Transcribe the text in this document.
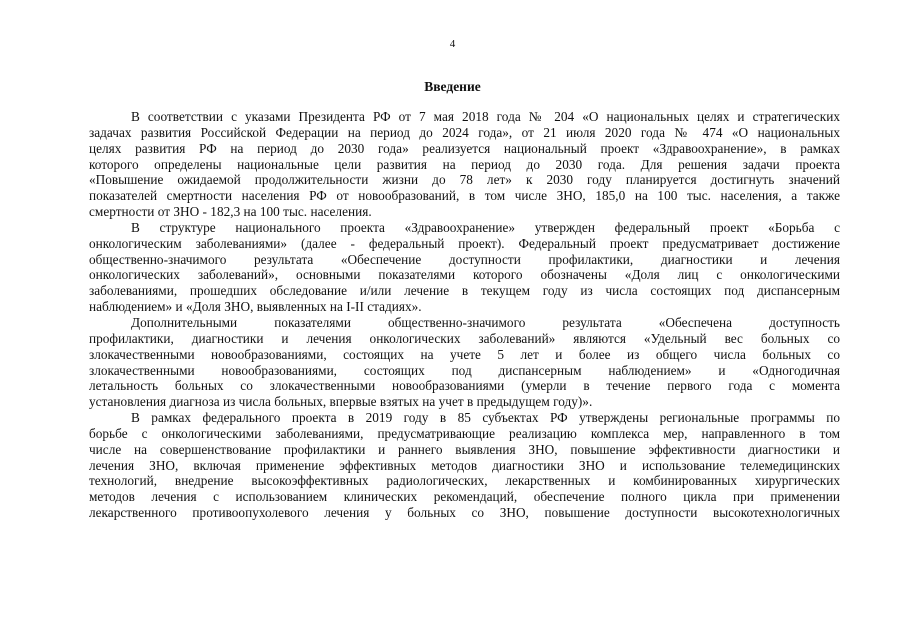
4
Введение
В соответствии с указами Президента РФ от 7 мая 2018 года № 204 «О национальных целях и стратегических
задачах развития Российской Федерации на период до 2024 года», от 21 июля 2020 года № 474 «О национальных
целях развития РФ на период до 2030 года» реализуется национальный проект «Здравоохранение», в рамках
которого определены национальные цели развития на период до 2030 года. Для решения задачи проекта
«Повышение ожидаемой продолжительности жизни до 78 лет» к 2030 году планируется достигнуть значений
показателей смертности населения РФ от новообразований, в том числе ЗНО, 185,0 на 100 тыс. населения, а также
смертности от ЗНО - 182,3 на 100 тыс. населения.
В структуре национального проекта «Здравоохранение» утвержден федеральный проект «Борьба с
онкологическим заболеваниями» (далее - федеральный проект). Федеральный проект предусматривает достижение
общественно-значимого результата «Обеспечение доступности профилактики, диагностики и лечения
онкологических заболеваний», основными показателями которого обозначены «Доля лиц с онкологическими
заболеваниями, прошедших обследование и/или лечение в текущем году из числа состоящих под диспансерным
наблюдением» и «Доля ЗНО, выявленных на I-II стадиях».
Дополнительными показателями общественно-значимого результата «Обеспечена доступность
профилактики, диагностики и лечения онкологических заболеваний» являются «Удельный вес больных со
злокачественными новообразованиями, состоящих на учете 5 лет и более из общего числа больных со
злокачественными новообразованиями, состоящих под диспансерным наблюдением» и «Одногодичная
летальность больных со злокачественными новообразованиями (умерли в течение первого года с момента
установления диагноза из числа больных, впервые взятых на учет в предыдущем году)».
В рамках федерального проекта в 2019 году в 85 субъектах РФ утверждены региональные программы по
борьбе с онкологическими заболеваниями, предусматривающие реализацию комплекса мер, направленного в том
числе на совершенствование профилактики и раннего выявления ЗНО, повышение эффективности диагностики и
лечения ЗНО, включая применение эффективных методов диагностики ЗНО и использование телемедицинских
технологий, внедрение высокоэффективных радиологических, лекарственных и комбинированных хирургических
методов лечения с использованием клинических рекомендаций, обеспечение полного цикла при применении
лекарственного противоопухолевого лечения у больных со ЗНО, повышение доступности высокотехнологичных
